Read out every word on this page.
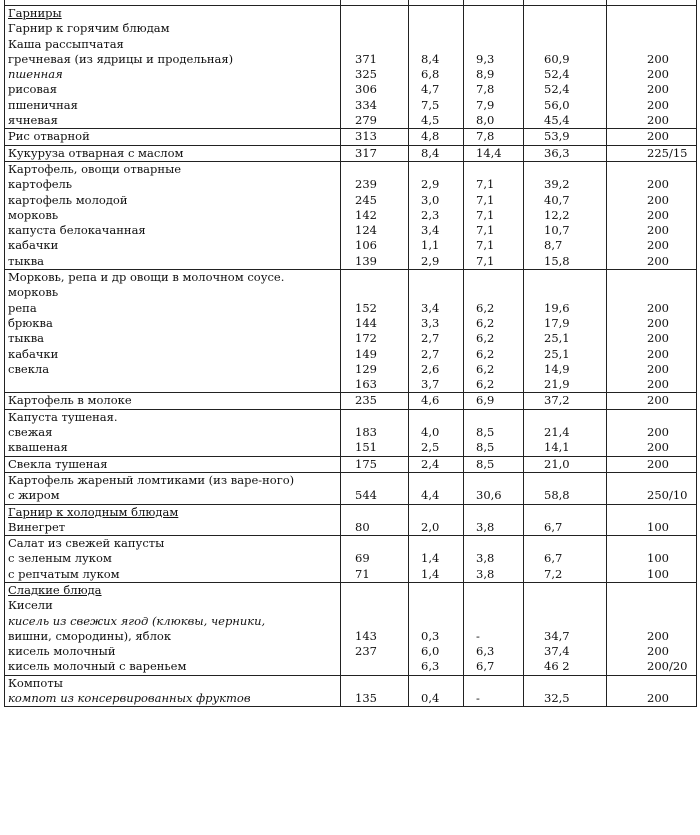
Гарниры					
Гарнир к горячим блюдам					
Каша рассыпчатая					
гречневая (из ядрицы и продельная)	371	8,4	9,3	60,9	200
пшенная	325	6,8	8,9	52,4	200
рисовая	306	4,7	7,8	52,4	200
пшеничная	334	7,5	7,9	56,0	200
ячневая	279	4,5	8,0	45,4	200
Рис отварной	313	4,8	7,8	53,9	200
Кукуруза отварная с маслом	317	8,4	14,4	36,3	225/15
Картофель, овощи отварные					
картофель	239	2,9	7,1	39,2	200
картофель молодой	245	3,0	7,1	40,7	200
морковь	142	2,3	7,1	12,2	200
капуста белокачанная	124	3,4	7,1	10,7	200
кабачки	106	1,1	7,1	8,7	200
тыква	139	2,9	7,1	15,8	200
Морковь, репа и др овощи в молочном соусе.					
морковь					
репа	152	3,4	6,2	19,6	200
брюква	144	3,3	6,2	17,9	200
тыква	172	2,7	6,2	25,1	200
кабачки	149	2,7	6,2	25,1	200
свекла	129	2,6	6,2	14,9	200
	163	3,7	6,2	21,9	200
Картофель в молоке	235	4,6	6,9	37,2	200
Капуста тушеная.					
свежая	183	4,0	8,5	21,4	200
квашеная	151	2,5	8,5	14,1	200
Свекла тушеная	175	2,4	8,5	21,0	200
Картофель жареный ломтиками (из варе-ного)					
с жиром	544	4,4	30,6	58,8	250/10
Гарнир к холодным блюдам					
Винегрет	80	2,0	3,8	6,7	100
Салат из свежей капусты					
с зеленым луком	69	1,4	3,8	6,7	100
с репчатым луком	71	1,4	3,8	7,2	100
Сладкие блюда					
Кисели					
кисель из свежих ягод (клюквы, черники,					
вишни, смородины), яблок	143	0,3	-	34,7	200
кисель молочный	237	6,0	6,3	37,4	200
кисель молочный с вареньем		6,3	6,7	46 2	200/20
Компоты					
компот из консервированных фруктов	135	0,4	-	32,5	200
